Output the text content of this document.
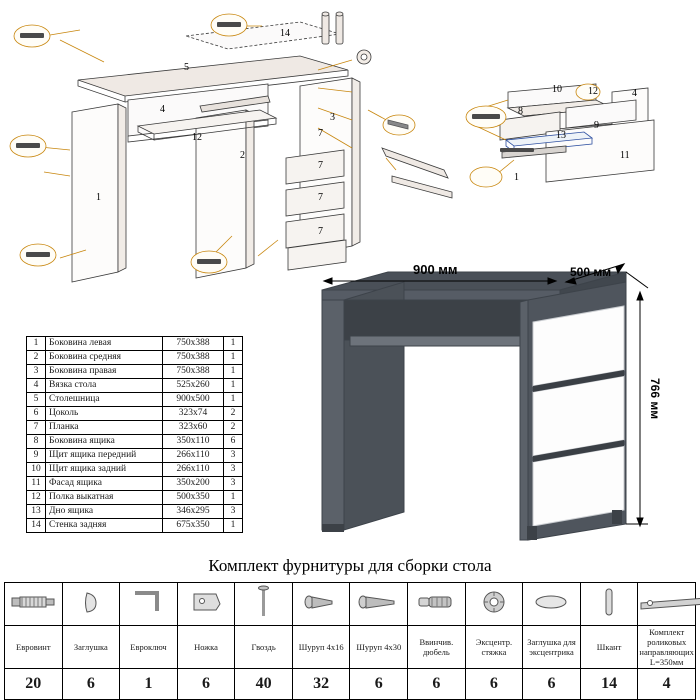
14
5
4
12
2
1
3
7
7
7
7
10	12
8
4
13
9
11
1
900 мм	500 мм
766 мм
1	Боковина левая	750x388	1
2	Боковина средняя	750x388	1
3	Боковина правая	750x388	1
4	Вязка стола	525x260	1
5	Столешница	900x500	1
6	Цоколь	323x74	2
7	Планка	323x60	2
8	Боковина ящика	350x110	6
9	Щит ящика передний	266x110	3
10	Щит ящика задний	266x110	3
11	Фасад ящика	350x200	3
12	Полка выкатная	500x350	1
13	Дно ящика	346x295	3
14	Стенка задняя	675x350	1
Комплект фурнитуры для сборки стола

Евровинт	Заглушка	Евроключ	Ножка	Гвоздь	Шуруп 4х16	Шуруп 4х30	Ввинчив. дюбель	Эксцентр. стяжка	Заглушка для эксцентрика	Шкант	Комплект роликовых направляющих L=350мм
20	6	1	6	40	32	6	6	6	6	14	4
